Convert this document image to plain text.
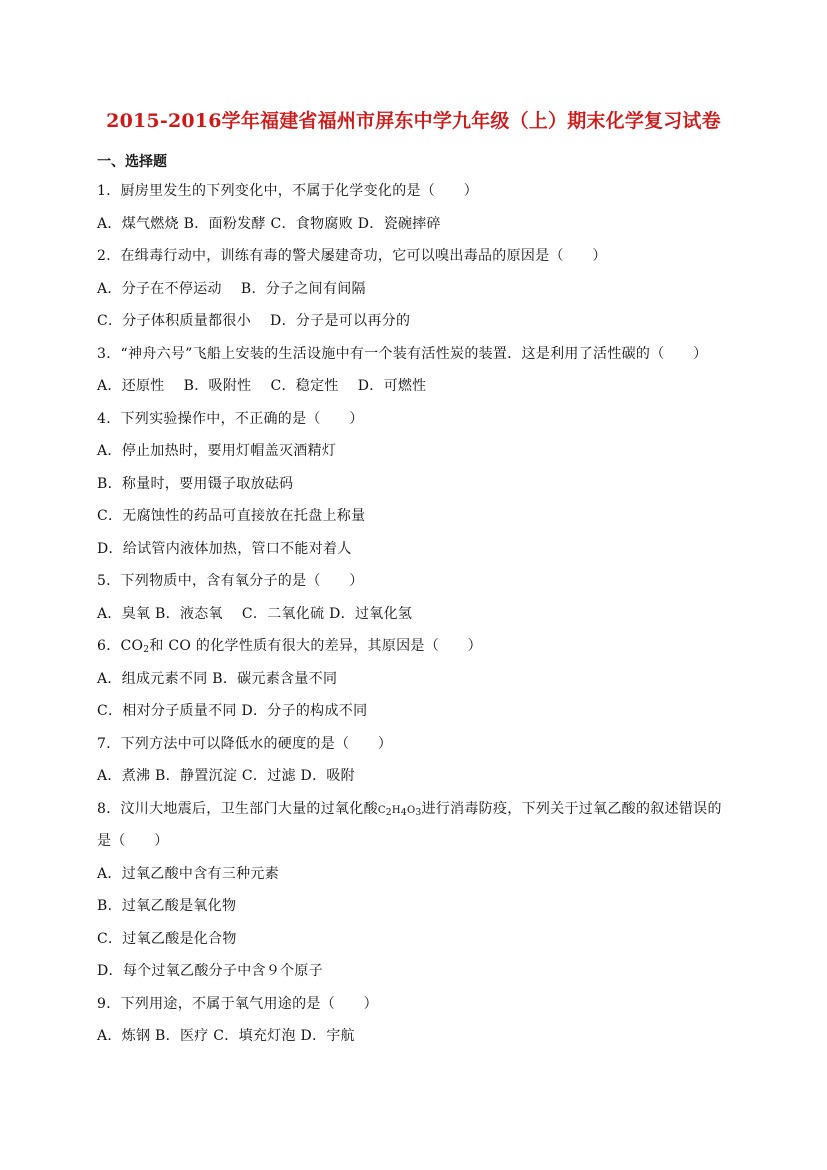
2015-2016学年福建省福州市屏东中学九年级（上）期末化学复习试卷
一、选择题
1．厨房里发生的下列变化中，不属于化学变化的是（　　）
A．煤气燃烧 B．面粉发酵 C．食物腐败 D．瓷碗摔碎
2．在缉毒行动中，训练有毒的警犬屡建奇功，它可以嗅出毒品的原因是（　　）
A．分子在不停运动　 B．分子之间有间隔
C．分子体积质量都很小　 D．分子是可以再分的
3．“神舟六号”飞船上安装的生活设施中有一个装有活性炭的装置．这是利用了活性碳的（　　）
A．还原性　 B．吸附性　 C．稳定性　 D．可燃性
4．下列实验操作中，不正确的是（　　）
A．停止加热时，要用灯帽盖灭酒精灯
B．称量时，要用镊子取放砝码
C．无腐蚀性的药品可直接放在托盘上称量
D．给试管内液体加热，管口不能对着人
5．下列物质中，含有氧分子的是（　　）
A．臭氧 B．液态氧　 C．二氧化硫 D．过氧化氢
6．$CO_2$和 CO 的化学性质有很大的差异，其原因是（　　）
A．组成元素不同 B．碳元素含量不同
C．相对分子质量不同 D．分子的构成不同
7．下列方法中可以降低水的硬度的是（　　）
A．煮沸 B．静置沉淀 C．过滤 D．吸附
8．汶川大地震后，卫生部门大量的过氧化酸$C_2H_4O_3$进行消毒防疫，下列关于过氧乙酸的叙述错误的
是（　　）
A．过氧乙酸中含有三种元素
B．过氧乙酸是氧化物
C．过氧乙酸是化合物
D．每个过氧乙酸分子中含９个原子
9．下列用途，不属于氧气用途的是（　　）
A．炼钢 B．医疗 C．填充灯泡 D．宇航
